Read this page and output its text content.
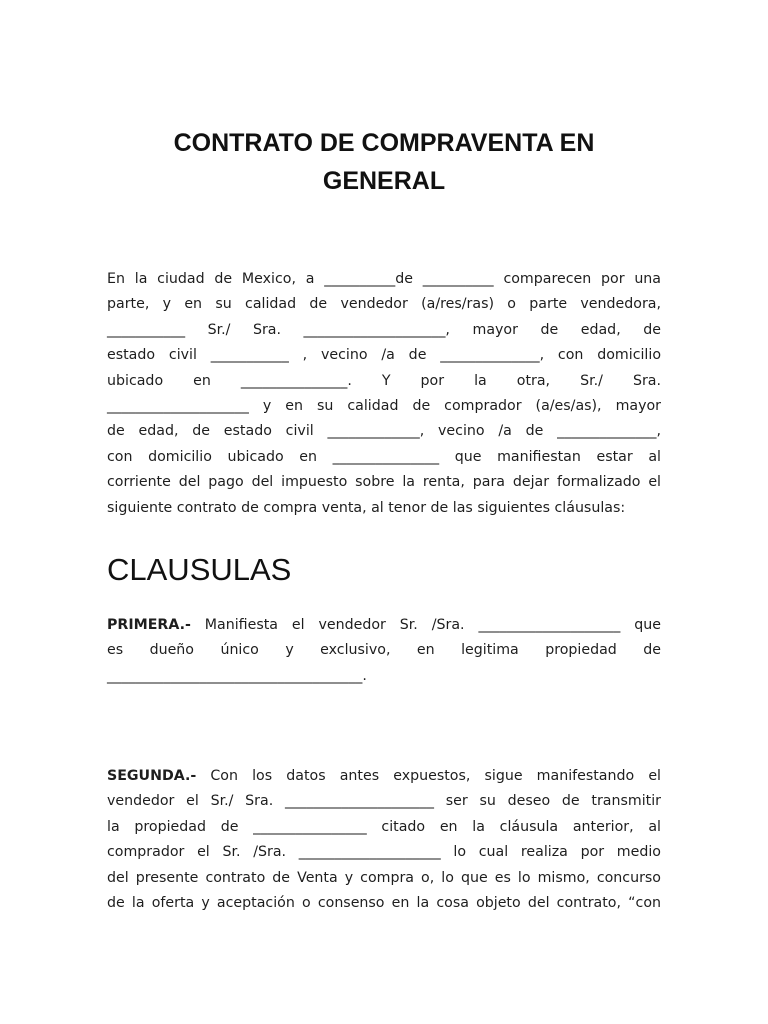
CONTRATO DE COMPRAVENTA EN
GENERAL
En la ciudad de Mexico, a __________de __________ comparecen por una
parte, y en su calidad de vendedor (a/res/ras) o parte vendedora,
___________ Sr./ Sra. ____________________, mayor de edad, de
estado civil ___________ , vecino /a de ______________, con domicilio
ubicado en _______________. Y por la otra, Sr./ Sra.
____________________ y en su calidad de comprador (a/es/as), mayor
de edad, de estado civil _____________, vecino /a de ______________,
con domicilio ubicado en _______________ que manifiestan estar al
corriente del pago del impuesto sobre la renta, para dejar formalizado el
siguiente contrato de compra venta, al tenor de las siguientes cláusulas:
CLAUSULAS
PRIMERA.- Manifiesta el vendedor Sr. /Sra. ____________________ que
es dueño único y exclusivo, en legitima propiedad de
____________________________________.
SEGUNDA.- Con los datos antes expuestos, sigue manifestando el
vendedor el Sr./ Sra. _____________________ ser su deseo de transmitir
la propiedad de ________________ citado en la cláusula anterior, al
comprador el Sr. /Sra. ____________________ lo cual realiza por medio
del presente contrato de Venta y compra o, lo que es lo mismo, concurso
de la oferta y aceptación o consenso en la cosa objeto del contrato, “con
